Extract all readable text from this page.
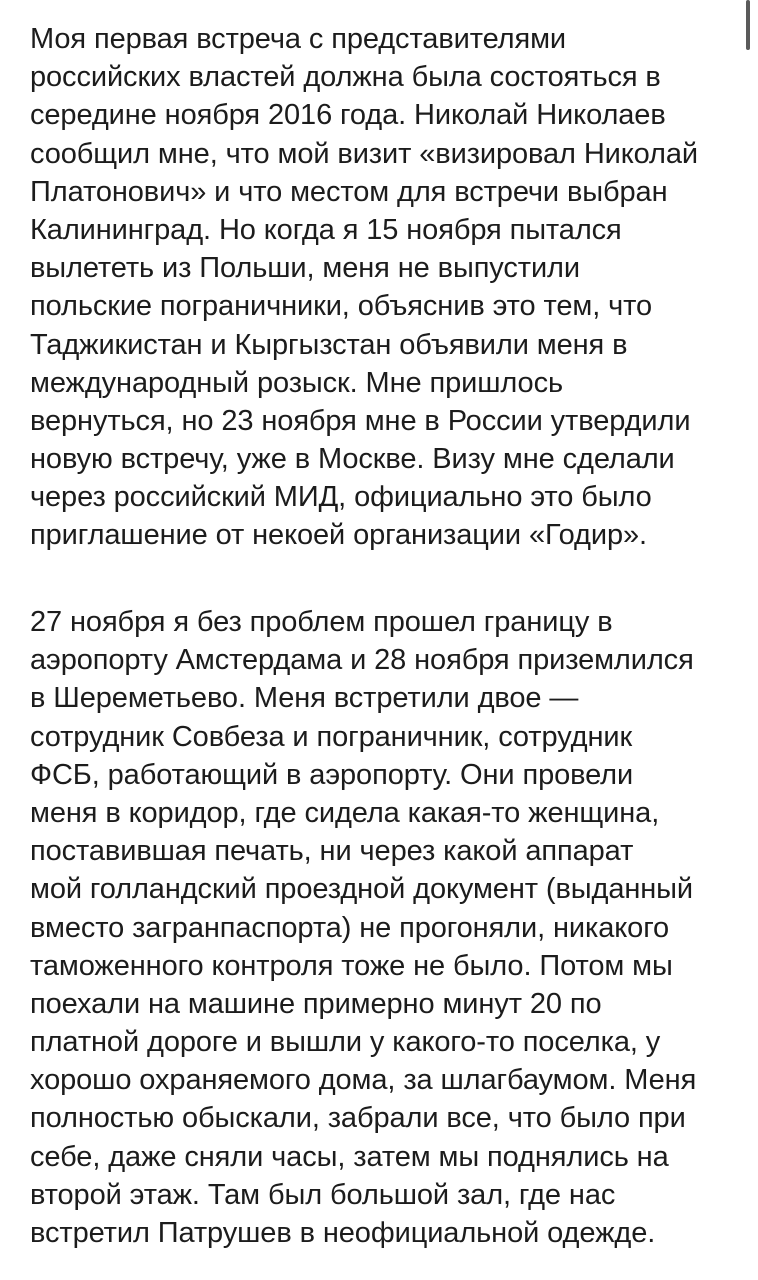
Моя первая встреча с представителями
российских властей должна была состояться в
середине ноября 2016 года. Николай Николаев
сообщил мне, что мой визит «визировал Николай
Платонович» и что местом для встречи выбран
Калининград. Но когда я 15 ноября пытался
вылететь из Польши, меня не выпустили
польские пограничники, объяснив это тем, что
Таджикистан и Кыргызстан объявили меня в
международный розыск. Мне пришлось
вернуться, но 23 ноября мне в России утвердили
новую встречу, уже в Москве. Визу мне сделали
через российский МИД, официально это было
приглашение от некоей организации «Годир».
27 ноября я без проблем прошел границу в
аэропорту Амстердама и 28 ноября приземлился
в Шереметьево. Меня встретили двое —
сотрудник Совбеза и пограничник, сотрудник
ФСБ, работающий в аэропорту. Они провели
меня в коридор, где сидела какая-то женщина,
поставившая печать, ни через какой аппарат
мой голландский проездной документ (выданный
вместо загранпаспорта) не прогоняли, никакого
таможенного контроля тоже не было. Потом мы
поехали на машине примерно минут 20 по
платной дороге и вышли у какого-то поселка, у
хорошо охраняемого дома, за шлагбаумом. Меня
полностью обыскали, забрали все, что было при
себе, даже сняли часы, затем мы поднялись на
второй этаж. Там был большой зал, где нас
встретил Патрушев в неофициальной одежде.
